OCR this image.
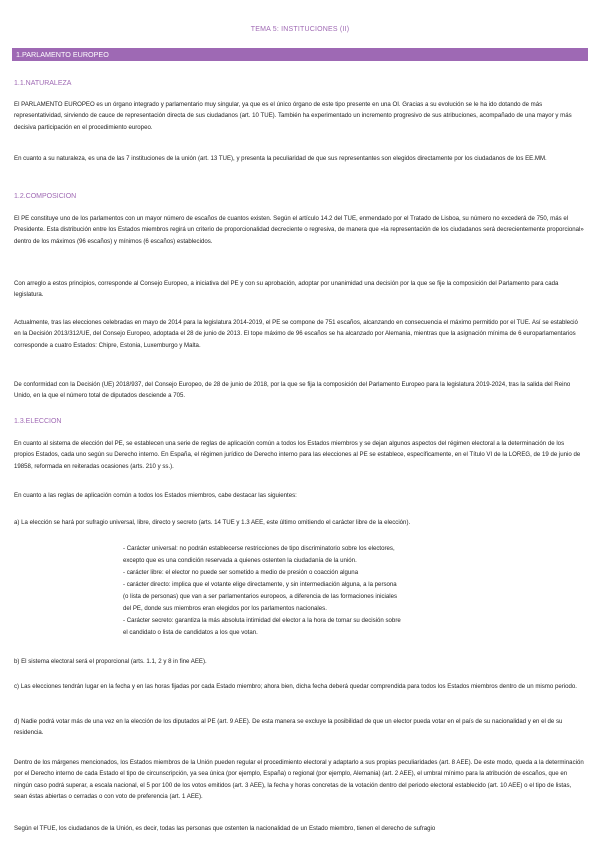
TEMA 5: INSTITUCIONES (II)
1.PARLAMENTO EUROPEO
1.1.NATURALEZA

El PARLAMENTO EUROPEO es un órgano integrado y parlamentario muy singular, ya que es el único órgano de este tipo presente en una OI. Gracias a su evolución se le ha ido dotando de más representatividad, sirviendo de cauce de representación directa de sus ciudadanos (art. 10 TUE). También ha experimentado un incremento progresivo de sus atribuciones, acompañado de una mayor y más decisiva participación en el procedimiento europeo.

En cuanto a su naturaleza, es una de las 7 instituciones de la unión (art. 13 TUE), y presenta la peculiaridad de que sus representantes son elegidos directamente por los ciudadanos de los EE.MM.

1.2.COMPOSICION

El PE constituye uno de los parlamentos con un mayor número de escaños de cuantos existen. Según el artículo 14.2 del TUE, enmendado por el Tratado de Lisboa, su número no excederá de 750, más el Presidente. Esta distribución entre los Estados miembros regirá un criterio de proporcionalidad decreciente o regresiva, de manera que «la representación de los ciudadanos será decrecientemente proporcional» dentro de los máximos (96 escaños) y mínimos (6 escaños) establecidos.

Con arreglo a estos principios, corresponde al Consejo Europeo, a iniciativa del PE y con su aprobación, adoptar por unanimidad una decisión por la que se fije la composición del Parlamento para cada legislatura.

Actualmente, tras las elecciones celebradas en mayo de 2014 para la legislatura 2014-2019, el PE se compone de 751 escaños, alcanzando en consecuencia el máximo permitido por el TUE. Así se estableció en la Decisión 2013/312/UE, del Consejo Europeo, adoptada el 28 de junio de 2013. El tope máximo de 96 escaños se ha alcanzado por Alemania, mientras que la asignación mínima de 6 europarlamentarios corresponde a cuatro Estados: Chipre, Estonia, Luxemburgo y Malta.

De conformidad con la Decisión (UE) 2018/937, del Consejo Europeo, de 28 de junio de 2018, por la que se fija la composición del Parlamento Europeo para la legislatura 2019-2024, tras la salida del Reino Unido, en la que el número total de diputados desciende a 705.

1.3.ELECCION

En cuanto al sistema de elección del PE, se establecen una serie de reglas de aplicación común a todos los Estados miembros y se dejan algunos aspectos del régimen electoral a la determinación de los propios Estados, cada uno según su Derecho interno. En España, el régimen jurídico de Derecho interno para las elecciones al PE se establece, específicamente, en el Título VI de la LOREG, de 19 de junio de 19858, reformada en reiteradas ocasiones (arts. 210 y ss.).

En cuanto a las reglas de aplicación común a todos los Estados miembros, cabe destacar las siguientes:

a) La elección se hará por sufragio universal, libre, directo y secreto (arts. 14 TUE y 1.3 AEE, este último omitiendo el carácter libre de la elección).

- Carácter universal: no podrán establecerse restricciones de tipo discriminatorio sobre los electores,

excepto que es una condición reservada a quienes ostenten la ciudadanía de la unión.

- carácter libre: el elector no puede ser sometido a medio de presión o coacción alguna

- carácter directo: implica que el votante elige directamente, y sin intermediación alguna, a la persona

(o lista de personas) que van a ser parlamentarios europeos, a diferencia de las formaciones iniciales

del PE, donde sus miembros eran elegidos por los parlamentos nacionales.

- Carácter secreto: garantiza la más absoluta intimidad del elector a la hora de tomar su decisión sobre

el candidato o lista de candidatos a los que votan.

b) El sistema electoral será el proporcional (arts. 1.1, 2 y 8 in fine AEE).

c) Las elecciones tendrán lugar en la fecha y en las horas fijadas por cada Estado miembro; ahora bien, dicha fecha deberá quedar comprendida para todos los Estados miembros dentro de un mismo periodo.

d) Nadie podrá votar más de una vez en la elección de los diputados al PE (art. 9 AEE). De esta manera se excluye la posibilidad de que un elector pueda votar en el país de su nacionalidad y en el de su residencia.

Dentro de los márgenes mencionados, los Estados miembros de la Unión pueden regular el procedimiento electoral y adaptarlo a sus propias peculiaridades (art. 8 AEE). De este modo, queda a la determinación por el Derecho interno de cada Estado el tipo de circunscripción, ya sea única (por ejemplo, España) o regional (por ejemplo, Alemania) (art. 2 AEE), el umbral mínimo para la atribución de escaños, que en ningún caso podrá superar, a escala nacional, el 5 por 100 de los votos emitidos (art. 3 AEE), la fecha y horas concretas de la votación dentro del periodo electoral establecido (art. 10 AEE) o el tipo de listas, sean éstas abiertas o cerradas o con voto de preferencia (art. 1 AEE).

Según el TFUE, los ciudadanos de la Unión, es decir, todas las personas que ostenten la nacionalidad de un Estado miembro, tienen el derecho de sufragio
